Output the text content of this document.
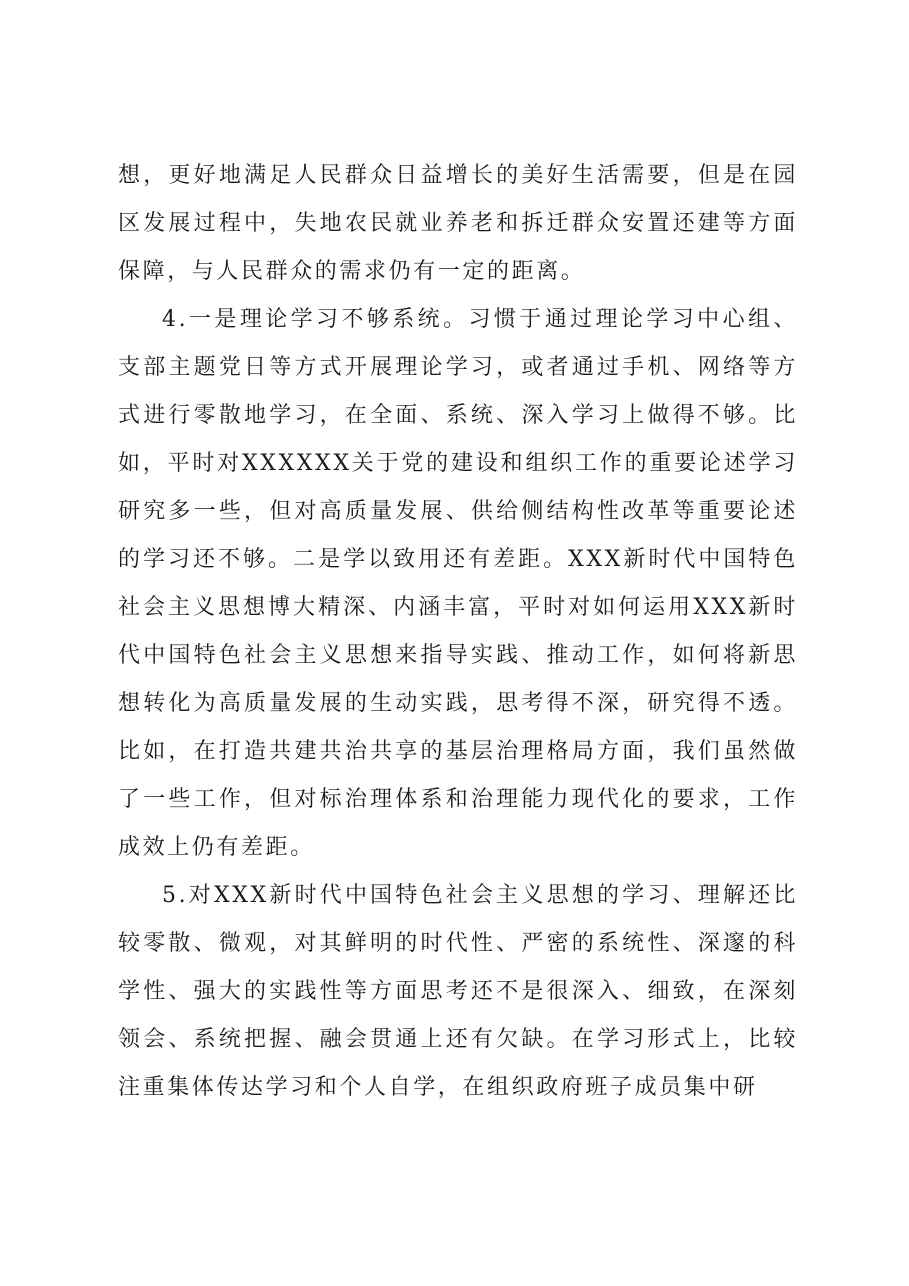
想，更好地满足人民群众日益增长的美好生活需要，但是在园区发展过程中，失地农民就业养老和拆迁群众安置还建等方面保障，与人民群众的需求仍有一定的距离。

4.一是理论学习不够系统。习惯于通过理论学习中心组、支部主题党日等方式开展理论学习，或者通过手机、网络等方式进行零散地学习，在全面、系统、深入学习上做得不够。比如，平时对XXXXXX关于党的建设和组织工作的重要论述学习研究多一些，但对高质量发展、供给侧结构性改革等重要论述的学习还不够。二是学以致用还有差距。XXX新时代中国特色社会主义思想博大精深、内涵丰富，平时对如何运用XXX新时代中国特色社会主义思想来指导实践、推动工作，如何将新思想转化为高质量发展的生动实践，思考得不深，研究得不透。比如，在打造共建共治共享的基层治理格局方面，我们虽然做了一些工作，但对标治理体系和治理能力现代化的要求，工作成效上仍有差距。

5.对XXX新时代中国特色社会主义思想的学习、理解还比较零散、微观，对其鲜明的时代性、严密的系统性、深邃的科学性、强大的实践性等方面思考还不是很深入、细致，在深刻领会、系统把握、融会贯通上还有欠缺。在学习形式上，比较注重集体传达学习和个人自学，在组织政府班子成员集中研
